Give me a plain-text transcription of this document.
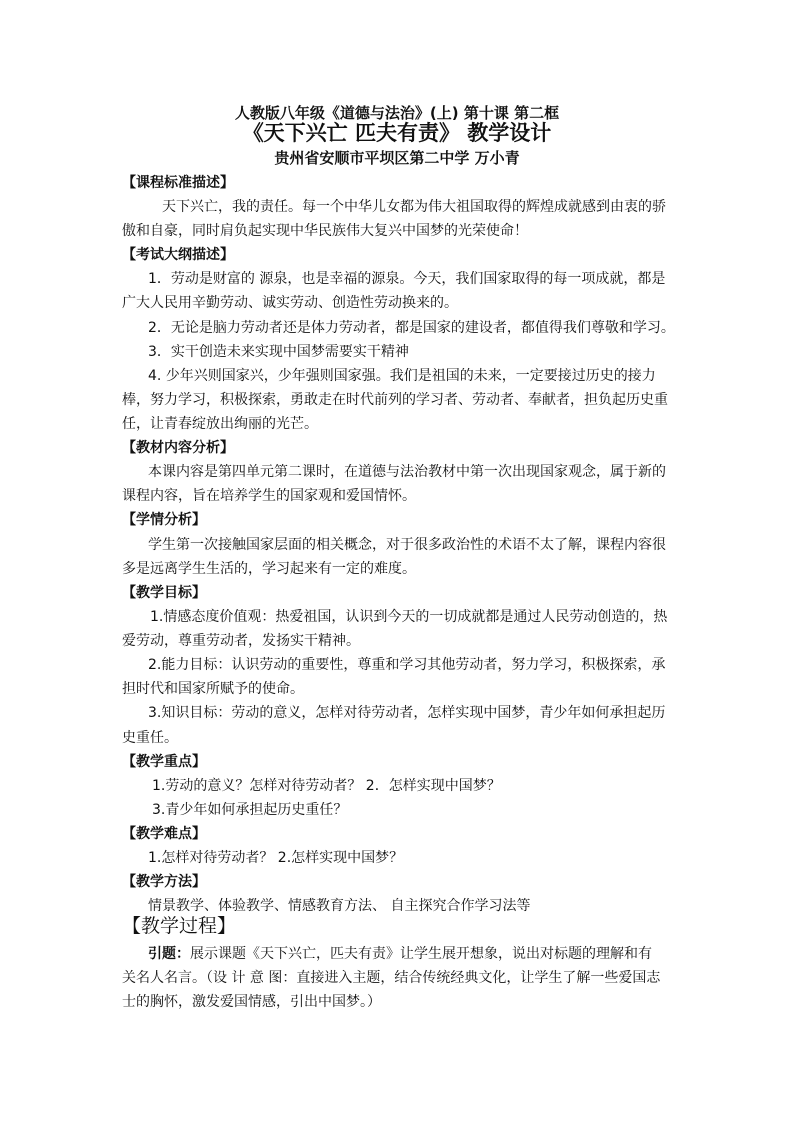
人教版八年级《道德与法治》(上) 第十课 第二框
《天下兴亡 匹夫有责》 教学设计
贵州省安顺市平坝区第二中学 万小青
【课程标准描述】
天下兴亡，我的责任。每一个中华儿女都为伟大祖国取得的辉煌成就感到由衷的骄
傲和自豪，同时肩负起实现中华民族伟大复兴中国梦的光荣使命！
【考试大纲描述】
1．劳动是财富的 源泉，也是幸福的源泉。今天，我们国家取得的每一项成就，都是
广大人民用辛勤劳动、诚实劳动、创造性劳动换来的。
2．无论是脑力劳动者还是体力劳动者，都是国家的建设者，都值得我们尊敬和学习。
3．实干创造未来实现中国梦需要实干精神
4. 少年兴则国家兴，少年强则国家强。我们是祖国的未来，一定要接过历史的接力
棒，努力学习，积极探索，勇敢走在时代前列的学习者、劳动者、奉献者，担负起历史重
任，让青春绽放出绚丽的光芒。
【教材内容分析】
本课内容是第四单元第二课时，在道德与法治教材中第一次出现国家观念，属于新的
课程内容，旨在培养学生的国家观和爱国情怀。
【学情分析】
学生第一次接触国家层面的相关概念，对于很多政治性的术语不太了解，课程内容很
多是远离学生生活的，学习起来有一定的难度。
【教学目标】
1.情感态度价值观：热爱祖国，认识到今天的一切成就都是通过人民劳动创造的，热
爱劳动，尊重劳动者，发扬实干精神。
2.能力目标：认识劳动的重要性，尊重和学习其他劳动者，努力学习，积极探索，承
担时代和国家所赋予的使命。
3.知识目标：劳动的意义，怎样对待劳动者，怎样实现中国梦，青少年如何承担起历
史重任。
【教学重点】
1.劳动的意义？怎样对待劳动者？ 2．怎样实现中国梦？
3.青少年如何承担起历史重任？
【教学难点】
1.怎样对待劳动者？ 2.怎样实现中国梦？
【教学方法】
情景教学、体验教学、情感教育方法、 自主探究合作学习法等
【教学过程】
引题：展示课题《天下兴亡，匹夫有责》让学生展开想象，说出对标题的理解和有
关名人名言。（设 计 意 图：直接进入主题，结合传统经典文化，让学生了解一些爱国志
士的胸怀，激发爱国情感，引出中国梦。）
